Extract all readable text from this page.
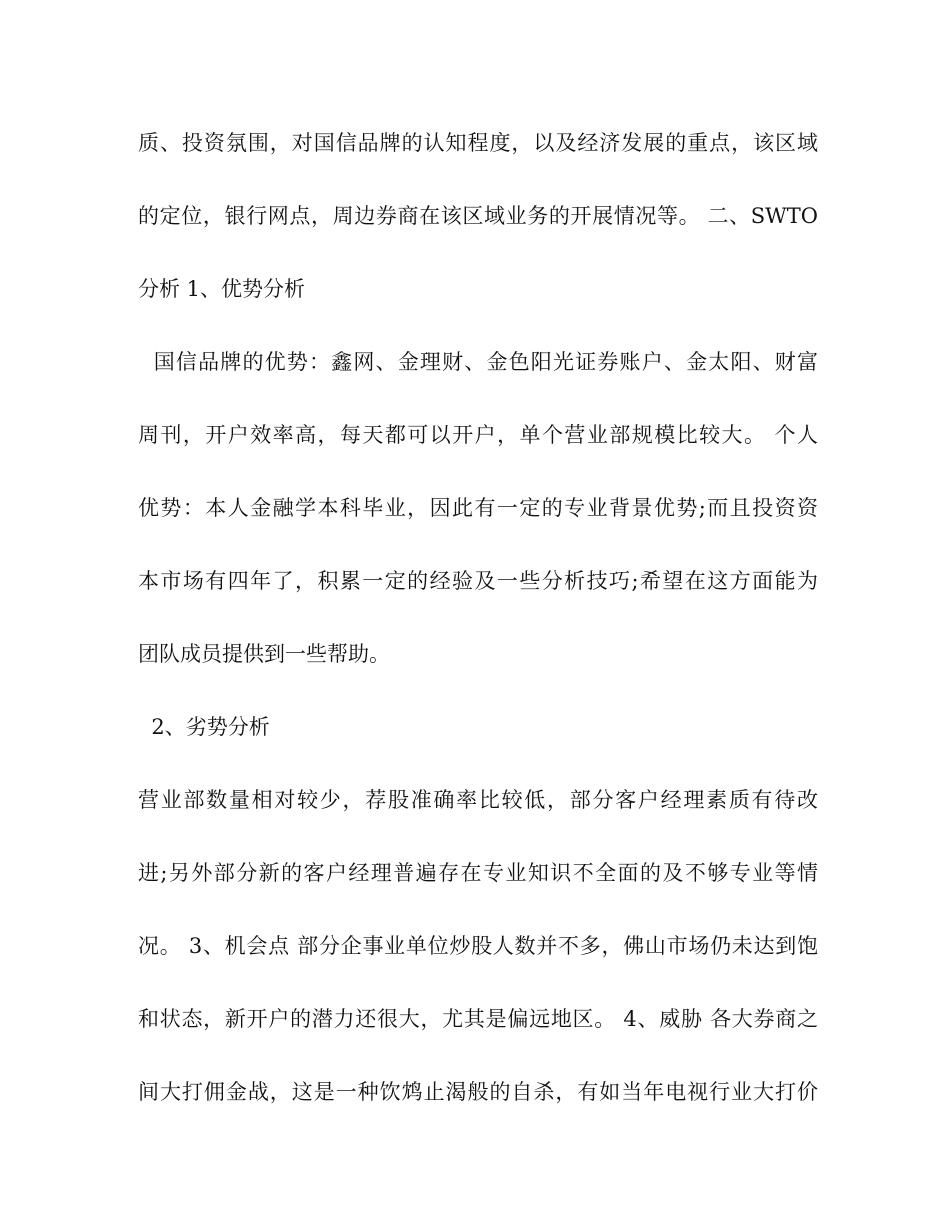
质、投资氛围，对国信品牌的认知程度，以及经济发展的重点，该区域
的定位，银行网点，周边券商在该区域业务的开展情况等。 二、SWTO
分析 1、优势分析
国信品牌的优势：鑫网、金理财、金色阳光证券账户、金太阳、财富
周刊，开户效率高，每天都可以开户，单个营业部规模比较大。 个人
优势：本人金融学本科毕业，因此有一定的专业背景优势;而且投资资
本市场有四年了，积累一定的经验及一些分析技巧;希望在这方面能为
团队成员提供到一些帮助。
2、劣势分析
营业部数量相对较少，荐股准确率比较低，部分客户经理素质有待改
进;另外部分新的客户经理普遍存在专业知识不全面的及不够专业等情
况。 3、机会点 部分企事业单位炒股人数并不多，佛山市场仍未达到饱
和状态，新开户的潜力还很大，尤其是偏远地区。 4、威胁 各大券商之
间大打佣金战，这是一种饮鸩止渴般的自杀，有如当年电视行业大打价
